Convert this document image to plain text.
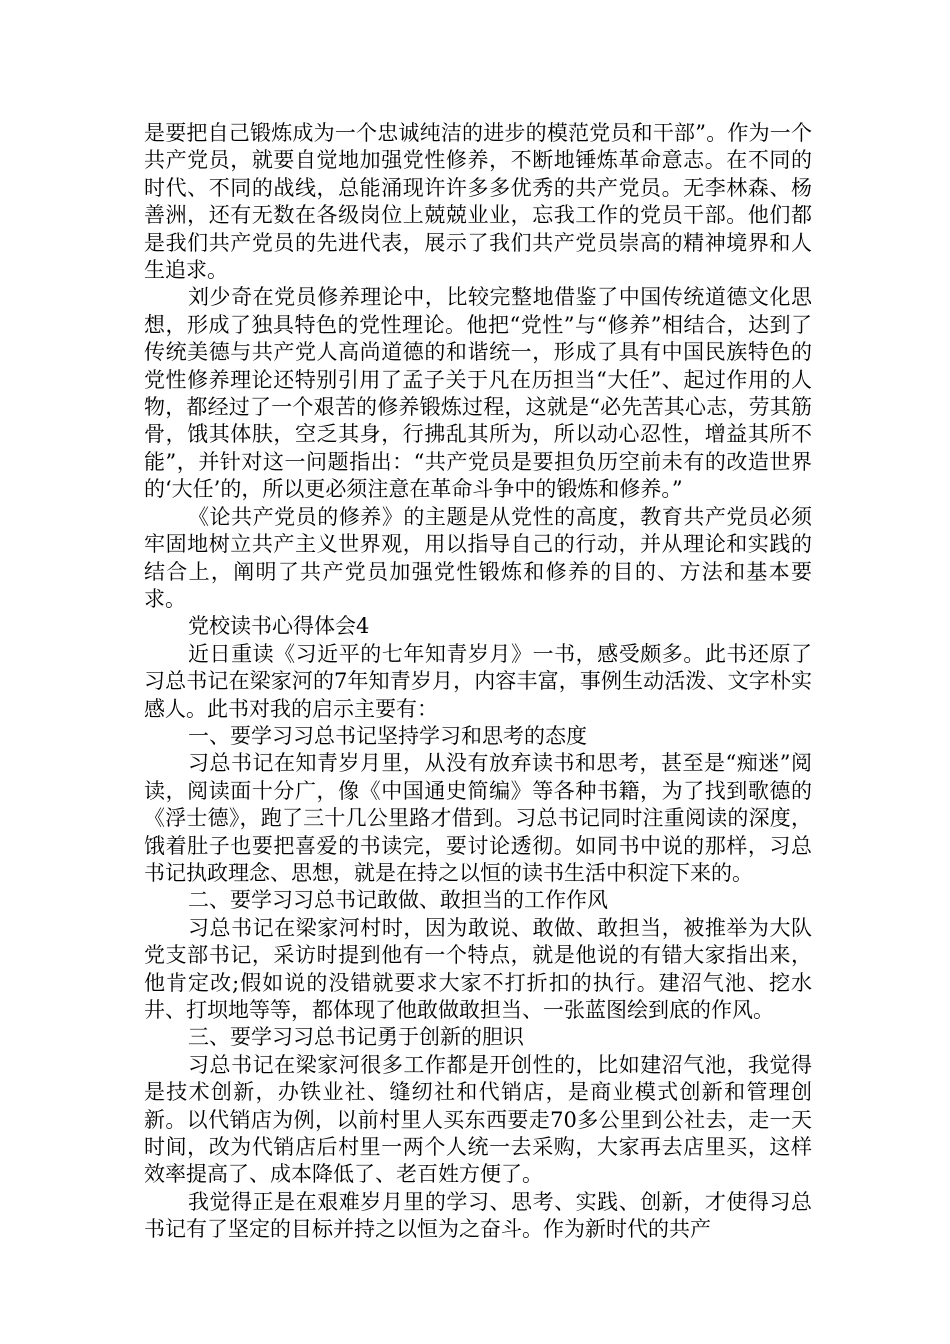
是要把自己锻炼成为一个忠诚纯洁的进步的模范党员和干部”。作为一个共产党员，就要自觉地加强党性修养，不断地锤炼革命意志。在不同的时代、不同的战线，总能涌现许许多多优秀的共产党员。无李林森、杨善洲，还有无数在各级岗位上兢兢业业，忘我工作的党员干部。他们都是我们共产党员的先进代表，展示了我们共产党员崇高的精神境界和人生追求。

刘少奇在党员修养理论中，比较完整地借鉴了中国传统道德文化思想，形成了独具特色的党性理论。他把“党性”与“修养”相结合，达到了传统美德与共产党人高尚道德的和谐统一，形成了具有中国民族特色的党性修养理论还特别引用了孟子关于凡在历担当“大任”、起过作用的人物，都经过了一个艰苦的修养锻炼过程，这就是“必先苦其心志，劳其筋骨，饿其体肤，空乏其身，行拂乱其所为，所以动心忍性，增益其所不能”，并针对这一问题指出：“共产党员是要担负历空前未有的改造世界的‘大任’的，所以更必须注意在革命斗争中的锻炼和修养。”

《论共产党员的修养》的主题是从党性的高度，教育共产党员必须牢固地树立共产主义世界观，用以指导自己的行动，并从理论和实践的结合上，阐明了共产党员加强党性锻炼和修养的目的、方法和基本要求。

党校读书心得体会4

近日重读《习近平的七年知青岁月》一书，感受颇多。此书还原了习总书记在梁家河的7年知青岁月，内容丰富，事例生动活泼、文字朴实感人。此书对我的启示主要有：

一、要学习习总书记坚持学习和思考的态度

习总书记在知青岁月里，从没有放弃读书和思考，甚至是“痴迷”阅读，阅读面十分广，像《中国通史简编》等各种书籍，为了找到歌德的《浮士德》，跑了三十几公里路才借到。习总书记同时注重阅读的深度，饿着肚子也要把喜爱的书读完，要讨论透彻。如同书中说的那样，习总书记执政理念、思想，就是在持之以恒的读书生活中积淀下来的。

二、要学习习总书记敢做、敢担当的工作作风

习总书记在梁家河村时，因为敢说、敢做、敢担当，被推举为大队党支部书记，采访时提到他有一个特点，就是他说的有错大家指出来，他肯定改;假如说的没错就要求大家不打折扣的执行。建沼气池、挖水井、打坝地等等，都体现了他敢做敢担当、一张蓝图绘到底的作风。

三、要学习习总书记勇于创新的胆识

习总书记在梁家河很多工作都是开创性的，比如建沼气池，我觉得是技术创新，办铁业社、缝纫社和代销店，是商业模式创新和管理创新。以代销店为例，以前村里人买东西要走70多公里到公社去，走一天时间，改为代销店后村里一两个人统一去采购，大家再去店里买，这样效率提高了、成本降低了、老百姓方便了。

我觉得正是在艰难岁月里的学习、思考、实践、创新，才使得习总书记有了坚定的目标并持之以恒为之奋斗。作为新时代的共产
